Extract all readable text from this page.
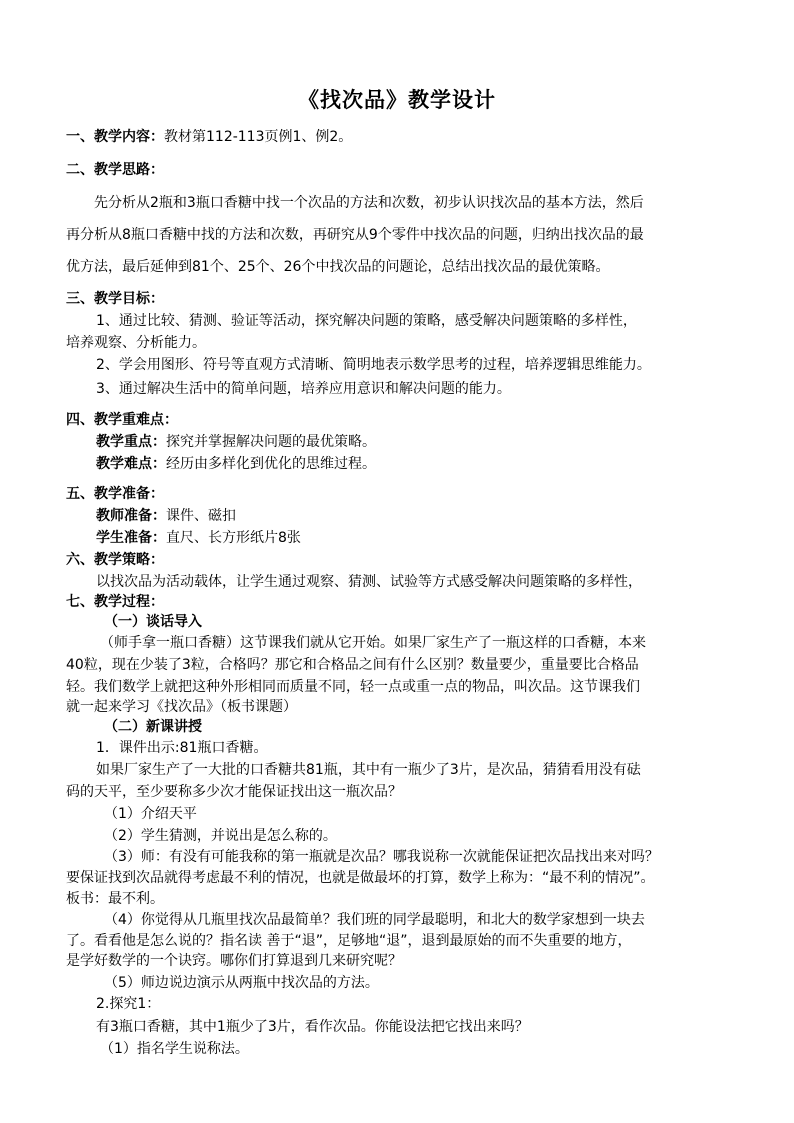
《找次品》教学设计
一、教学内容：教材第112-113页例1、例2。
二、教学思路：
先分析从2瓶和3瓶口香糖中找一个次品的方法和次数，初步认识找次品的基本方法，然后
再分析从8瓶口香糖中找的方法和次数，再研究从9个零件中找次品的问题，归纳出找次品的最
优方法，最后延伸到81个、25个、26个中找次品的问题论，总结出找次品的最优策略。
三、教学目标：
1、通过比较、猜测、验证等活动，探究解决问题的策略，感受解决问题策略的多样性，
培养观察、分析能力。
2、学会用图形、符号等直观方式清晰、简明地表示数学思考的过程，培养逻辑思维能力。
3、通过解决生活中的简单问题，培养应用意识和解决问题的能力。
四、教学重难点：
教学重点：探究并掌握解决问题的最优策略。
教学难点：经历由多样化到优化的思维过程。
五、教学准备：
教师准备：课件、磁扣
学生准备：直尺、长方形纸片8张
六、教学策略：
以找次品为活动载体，让学生通过观察、猜测、试验等方式感受解决问题策略的多样性，
七、教学过程：
（一）谈话导入
（师手拿一瓶口香糖）这节课我们就从它开始。如果厂家生产了一瓶这样的口香糖，本来
40粒，现在少装了3粒，合格吗？那它和合格品之间有什么区别？数量要少，重量要比合格品
轻。我们数学上就把这种外形相同而质量不同，轻一点或重一点的物品，叫次品。这节课我们
就一起来学习《找次品》（板书课题）
（二）新课讲授
1．课件出示:81瓶口香糖。
如果厂家生产了一大批的口香糖共81瓶，其中有一瓶少了3片，是次品，猜猜看用没有砝
码的天平，至少要称多少次才能保证找出这一瓶次品？
（1）介绍天平
（2）学生猜测，并说出是怎么称的。
（3）师：有没有可能我称的第一瓶就是次品？哪我说称一次就能保证把次品找出来对吗？
要保证找到次品就得考虑最不利的情况，也就是做最坏的打算，数学上称为：“最不利的情况”。
板书：最不利。
（4）你觉得从几瓶里找次品最简单？我们班的同学最聪明，和北大的数学家想到一块去
了。看看他是怎么说的？指名读 善于“退”，足够地“退”，退到最原始的而不失重要的地方，
是学好数学的一个诀窍。哪你们打算退到几来研究呢？
（5）师边说边演示从两瓶中找次品的方法。
2.探究1：
有3瓶口香糖，其中1瓶少了3片，看作次品。你能设法把它找出来吗？
（1）指名学生说称法。
